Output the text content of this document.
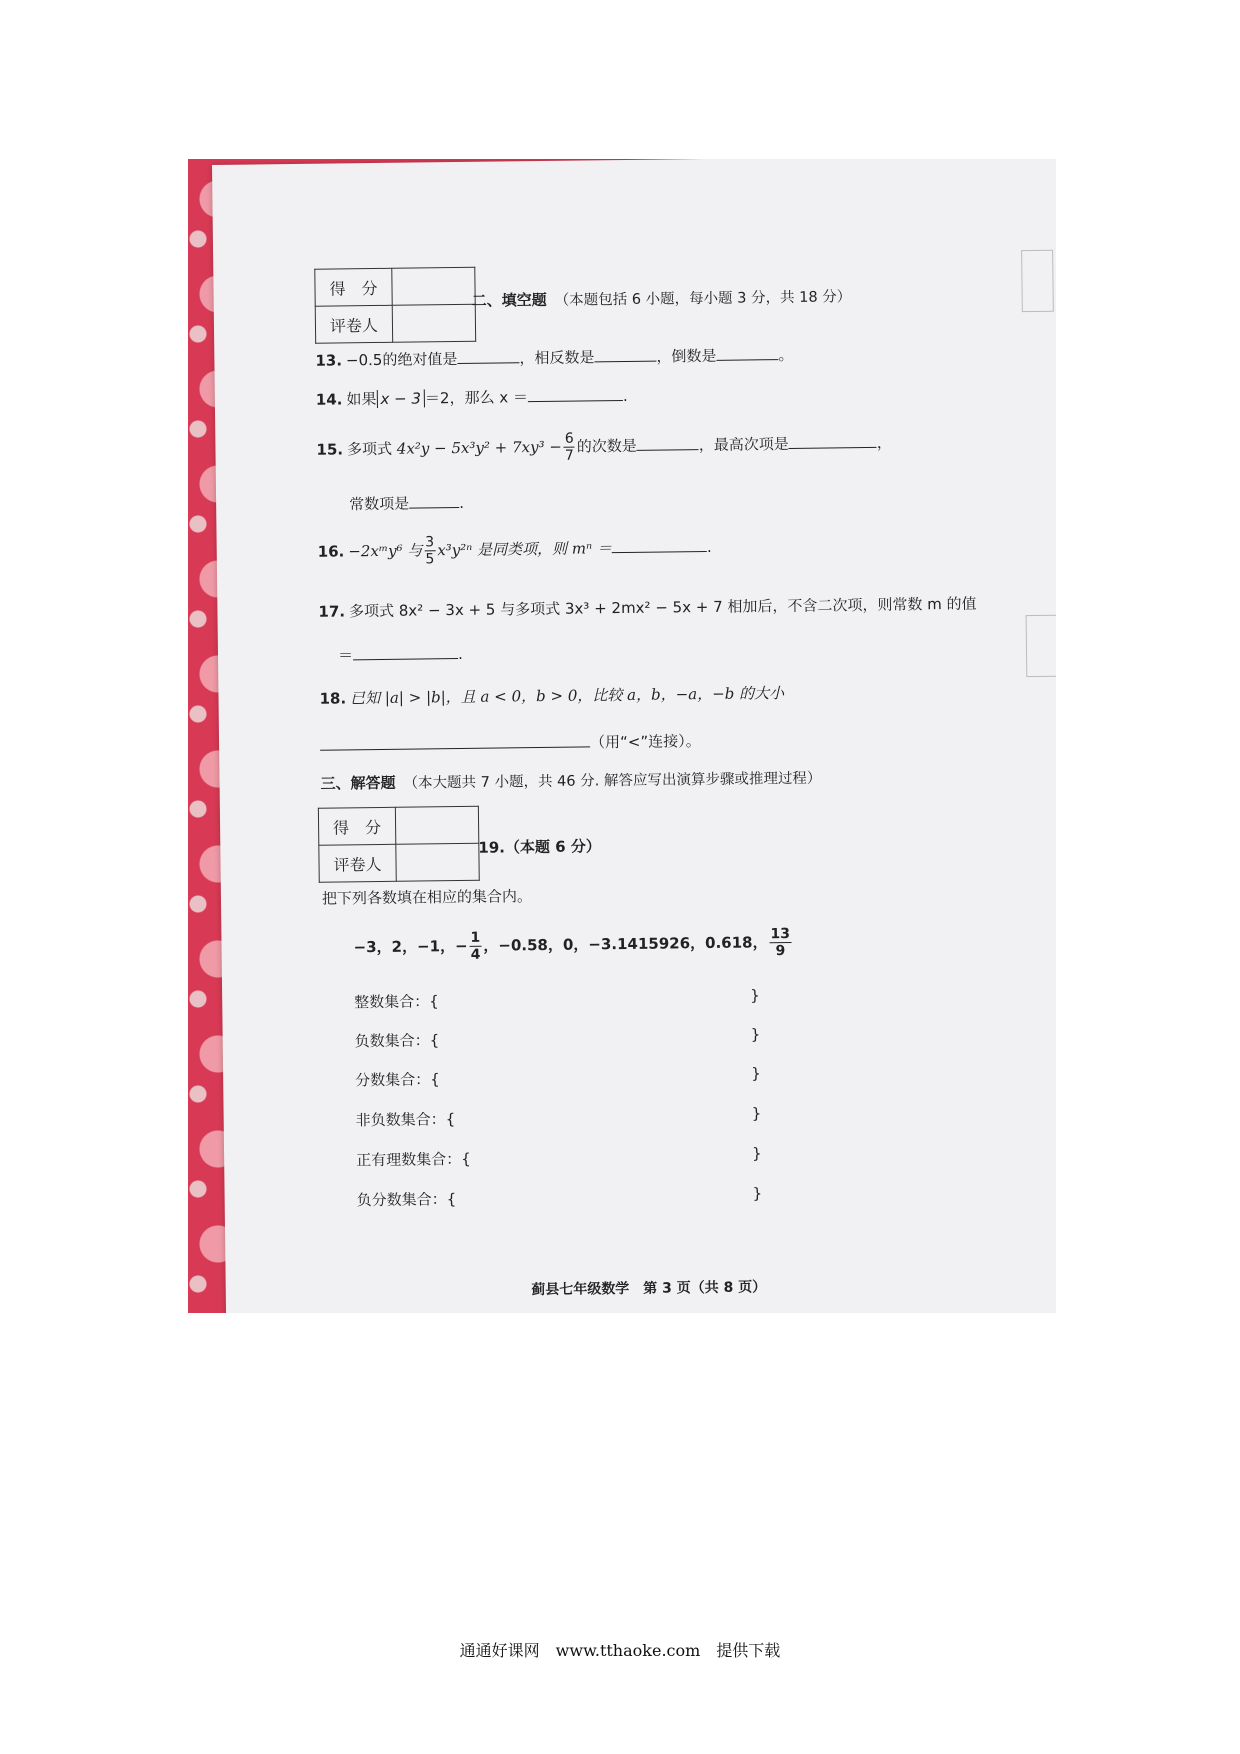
得　分	
评卷人	
二、填空题 （本题包括 6 小题，每小题 3 分，共 18 分）
13. −0.5的绝对值是	，相反数是	，倒数是	。
14. 如果 x − 3 ＝2，那么 x ＝	.
15. 多项式 $4x^2y - 5x^3y^2 + 7xy^3 - \frac{6}{7}$ 的次数是	，最高次项是	，
常数项是	.
16. −2xᵐy⁶ 与 $\frac{3}{5} x^3y^{2n}$ 是同类项，则 mⁿ ＝	.
17. 多项式 8x² − 3x + 5 与多项式 3x³ + 2mx² − 5x + 7 相加后，不含二次项，则常数 m 的值
＝	.
18. 已知 |a| > |b|，且 a < 0，b > 0，比较 a，b，−a，−b 的大小
（用“<”连接）。
三、解答题 （本大题共 7 小题，共 46 分. 解答应写出演算步骤或推理过程）
得　分	
评卷人	
19.（本题 6 分）
把下列各数填在相应的集合内。
−3，2，−1，− $\frac{1}{4}$ ，−0.58，0，−3.1415926，0.618， $\frac{13}{9}$
整数集合：{	}
负数集合：{	}
分数集合：{	}
非负数集合：{	}
正有理数集合：{	}
负分数集合：{	}
蓟县七年级数学　第 3 页（共 8 页）
通通好课网　www.tthaoke.com　提供下载
